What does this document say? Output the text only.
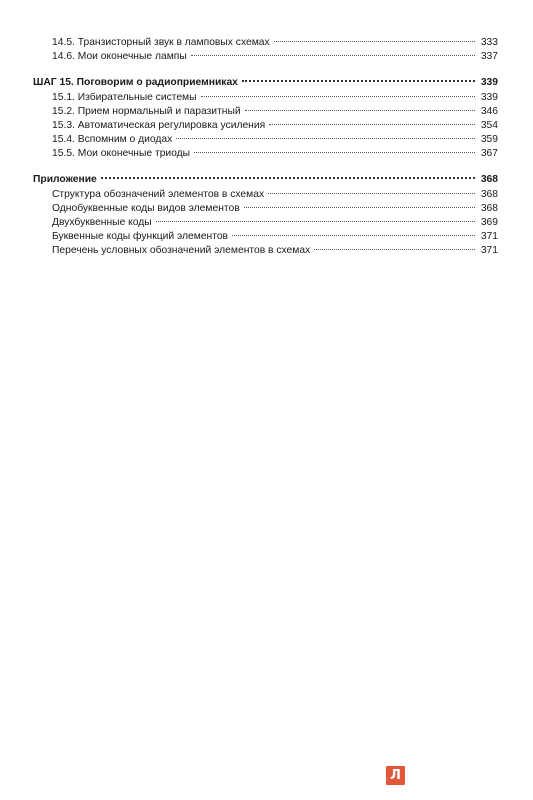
14.5. Транзисторный звук в ламповых схемах	333
14.6. Мои оконечные лампы	337
ШАГ 15. Поговорим о радиоприемниках	339
15.1. Избирательные системы	339
15.2. Прием нормальный и паразитный	346
15.3. Автоматическая регулировка усиления	354
15.4. Вспомним о диодах	359
15.5. Мои оконечные триоды	367
Приложение	368
Структура обозначений элементов в схемах	368
Однобуквенные коды видов элементов	368
Двухбуквенные коды	369
Буквенные коды функций элементов	371
Перечень условных обозначений элементов в схемах	371
Л
